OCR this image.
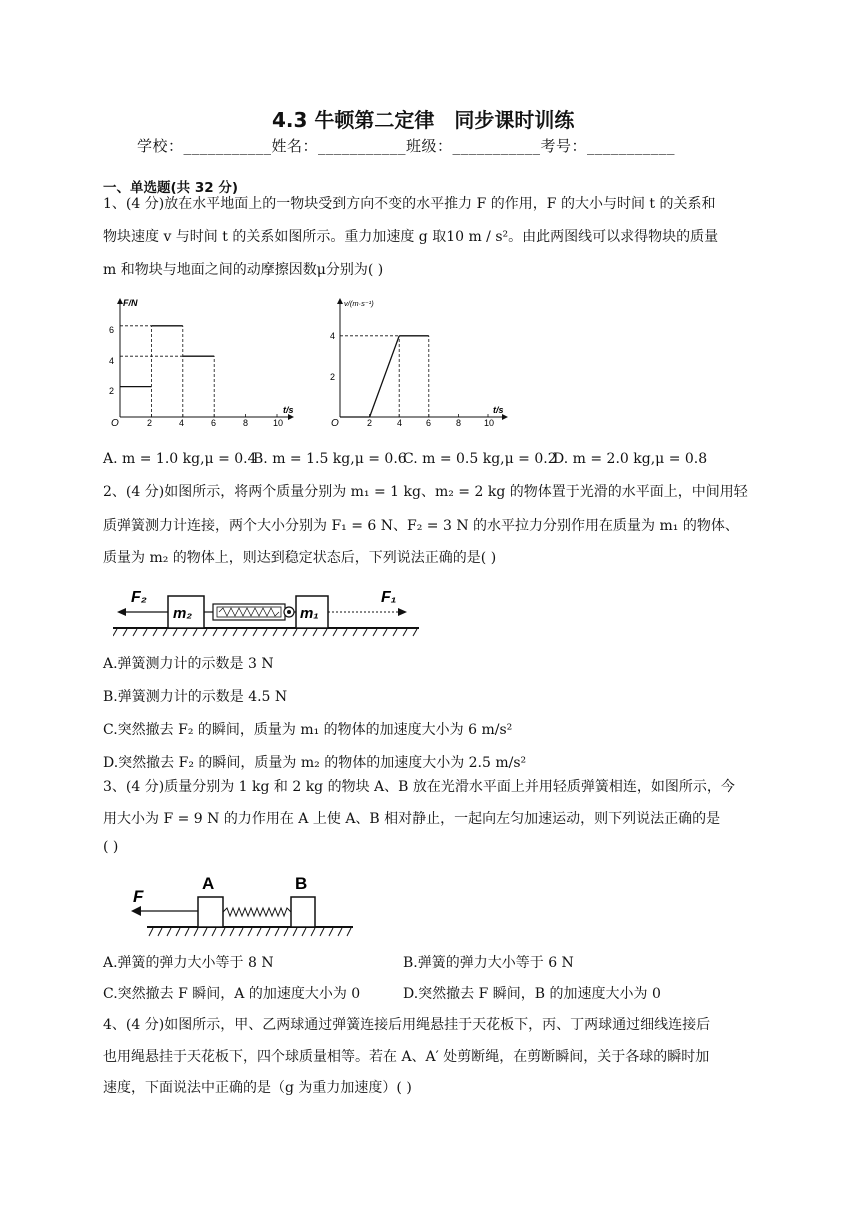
4.3 牛顿第二定律　同步课时训练
学校：___________姓名：___________班级：___________考号：___________
一、单选题(共 32 分)
1、(4 分)放在水平地面上的一物块受到方向不变的水平推力 F 的作用，F 的大小与时间 t 的关系和
物块速度 v 与时间 t 的关系如图所示。重力加速度 g 取10 m / s²。由此两图线可以求得物块的质量
m 和物块与地面之间的动摩擦因数μ分别为( )
F/N
t/s
O	2	4	6	8	10
2
4
6
v/(m·s⁻¹)
t/s
O	2	4	6	8	10
2
4
A. m = 1.0 kg,μ = 0.4
B. m = 1.5 kg,μ = 0.6
C. m = 0.5 kg,μ = 0.2
D. m = 2.0 kg,μ = 0.8
2、(4 分)如图所示，将两个质量分别为 m₁ = 1 kg、m₂ = 2 kg 的物体置于光滑的水平面上，中间用轻
质弹簧测力计连接，两个大小分别为 F₁ = 6 N、F₂ = 3 N 的水平拉力分别作用在质量为 m₁ 的物体、
质量为 m₂ 的物体上，则达到稳定状态后，下列说法正确的是( )
F₂
m₂	m₁
F₁
A.弹簧测力计的示数是 3 N
B.弹簧测力计的示数是 4.5 N
C.突然撤去 F₂ 的瞬间，质量为 m₁ 的物体的加速度大小为 6 m/s²
D.突然撤去 F₂ 的瞬间，质量为 m₂ 的物体的加速度大小为 2.5 m/s²
3、(4 分)质量分别为 1 kg 和 2 kg 的物块 A、B 放在光滑水平面上并用轻质弹簧相连，如图所示，今
用大小为 F = 9 N 的力作用在 A 上使 A、B 相对静止，一起向左匀加速运动，则下列说法正确的是
( )
F
A	B
A.弹簧的弹力大小等于 8 N	B.弹簧的弹力大小等于 6 N
C.突然撤去 F 瞬间，A 的加速度大小为 0	D.突然撤去 F 瞬间，B 的加速度大小为 0
4、(4 分)如图所示，甲、乙两球通过弹簧连接后用绳悬挂于天花板下，丙、丁两球通过细线连接后
也用绳悬挂于天花板下，四个球质量相等。若在 A、A′ 处剪断绳，在剪断瞬间，关于各球的瞬时加
速度，下面说法中正确的是（g 为重力加速度）( )
